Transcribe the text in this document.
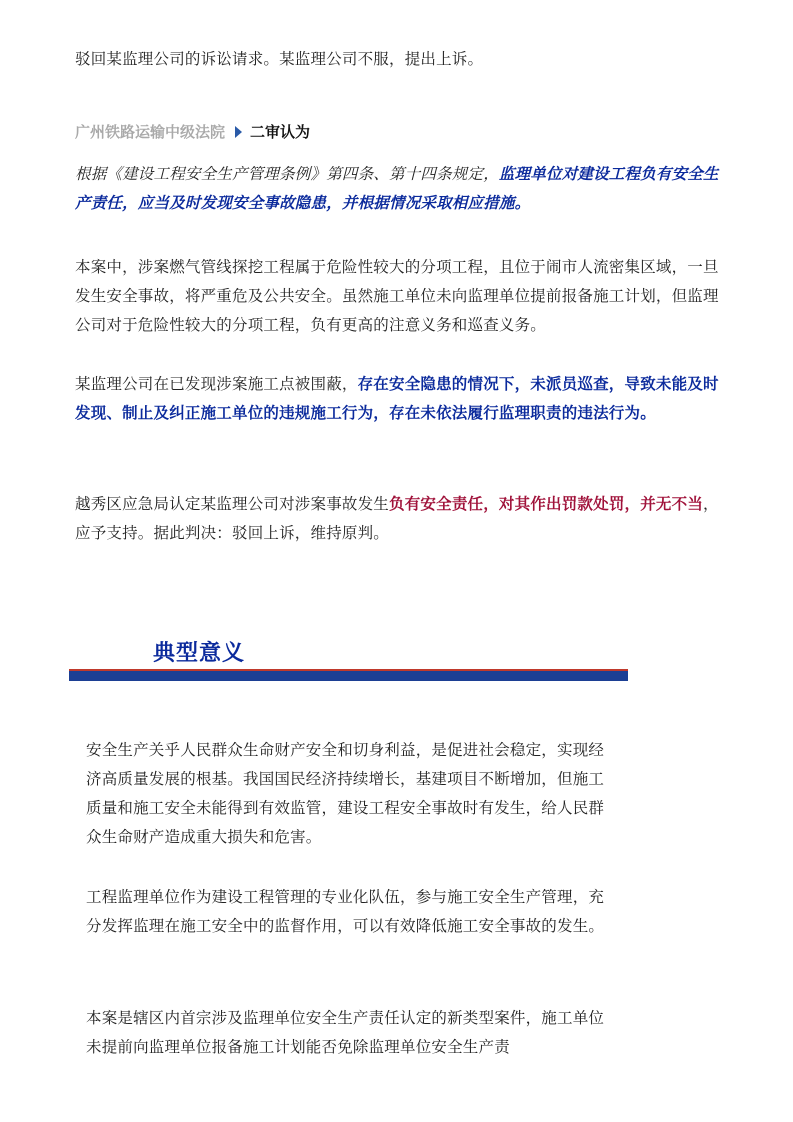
驳回某监理公司的诉讼请求。某监理公司不服，提出上诉。

广州铁路运输中级法院 二审认为

根据《建设工程安全生产管理条例》第四条、第十四条规定，监理单位对建设工程负有安全生产责任，应当及时发现安全事故隐患，并根据情况采取相应措施。

本案中，涉案燃气管线探挖工程属于危险性较大的分项工程，且位于闹市人流密集区域，一旦发生安全事故，将严重危及公共安全。虽然施工单位未向监理单位提前报备施工计划，但监理公司对于危险性较大的分项工程，负有更高的注意义务和巡查义务。

某监理公司在已发现涉案施工点被围蔽，存在安全隐患的情况下，未派员巡查，导致未能及时发现、制止及纠正施工单位的违规施工行为，存在未依法履行监理职责的违法行为。

越秀区应急局认定某监理公司对涉案事故发生负有安全责任，对其作出罚款处罚，并无不当，应予支持。据此判决：驳回上诉，维持原判。

典型意义

安全生产关乎人民群众生命财产安全和切身利益，是促进社会稳定，实现经济高质量发展的根基。我国国民经济持续增长，基建项目不断增加，但施工质量和施工安全未能得到有效监管，建设工程安全事故时有发生，给人民群众生命财产造成重大损失和危害。

工程监理单位作为建设工程管理的专业化队伍，参与施工安全生产管理，充分发挥监理在施工安全中的监督作用，可以有效降低施工安全事故的发生。

本案是辖区内首宗涉及监理单位安全生产责任认定的新类型案件，施工单位未提前向监理单位报备施工计划能否免除监理单位安全生产责
